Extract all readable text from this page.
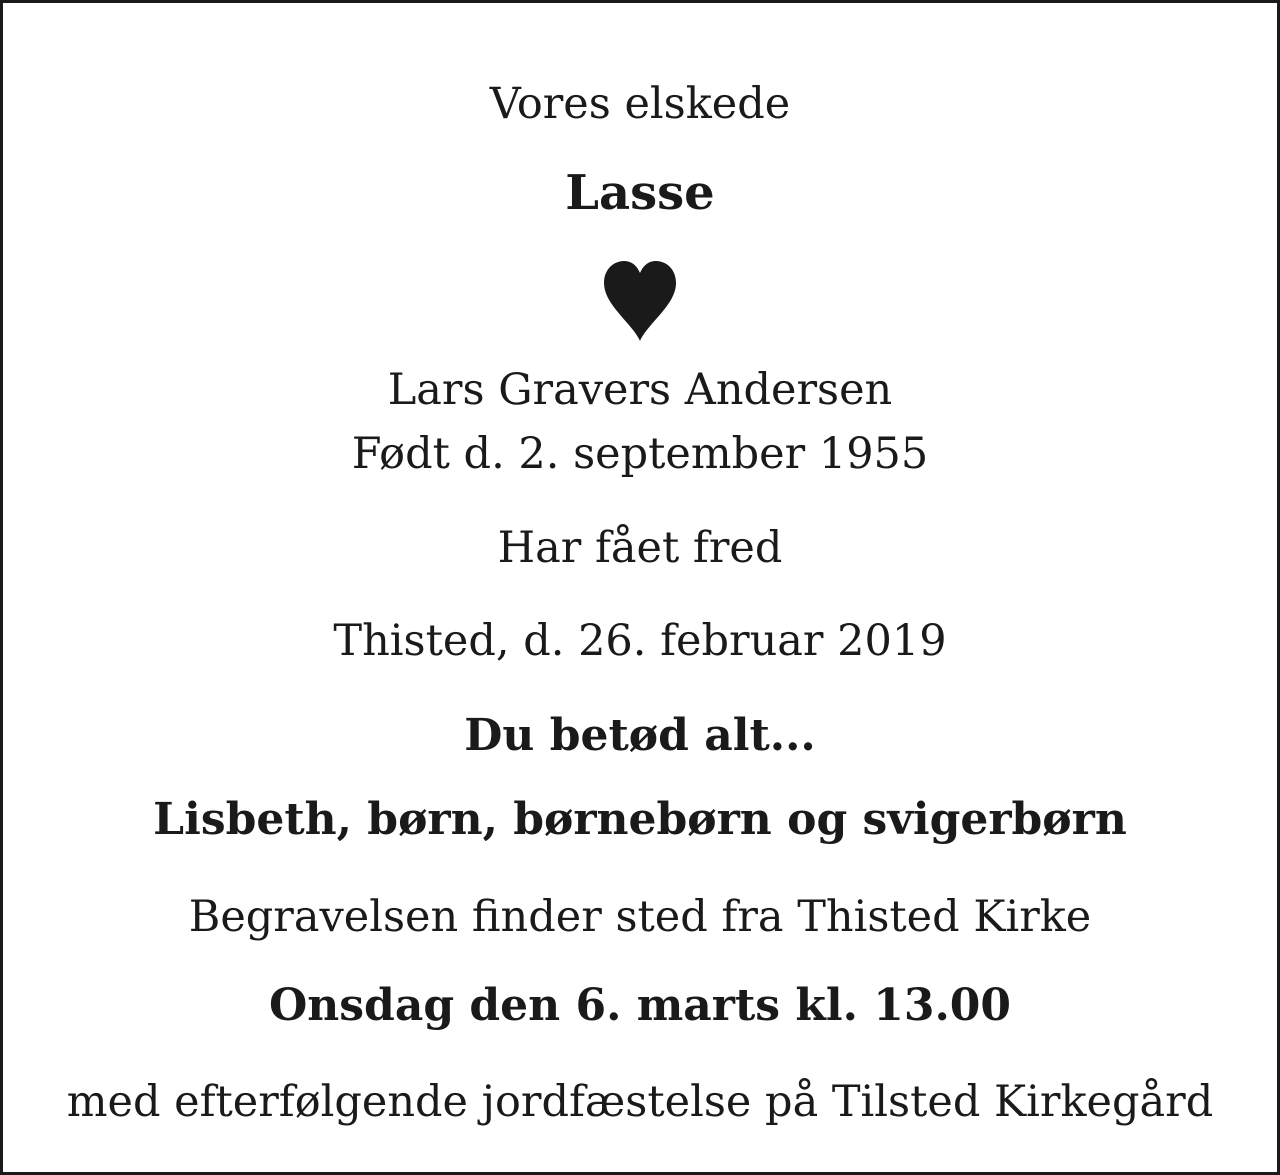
Vores elskede

Lasse

Lars Gravers Andersen

Født d. 2. september 1955

Har fået fred

Thisted, d. 26. februar 2019

Du betød alt...

Lisbeth, børn, børnebørn og svigerbørn

Begravelsen finder sted fra Thisted Kirke

Onsdag den 6. marts kl. 13.00

med efterfølgende jordfæstelse på Tilsted Kirkegård
